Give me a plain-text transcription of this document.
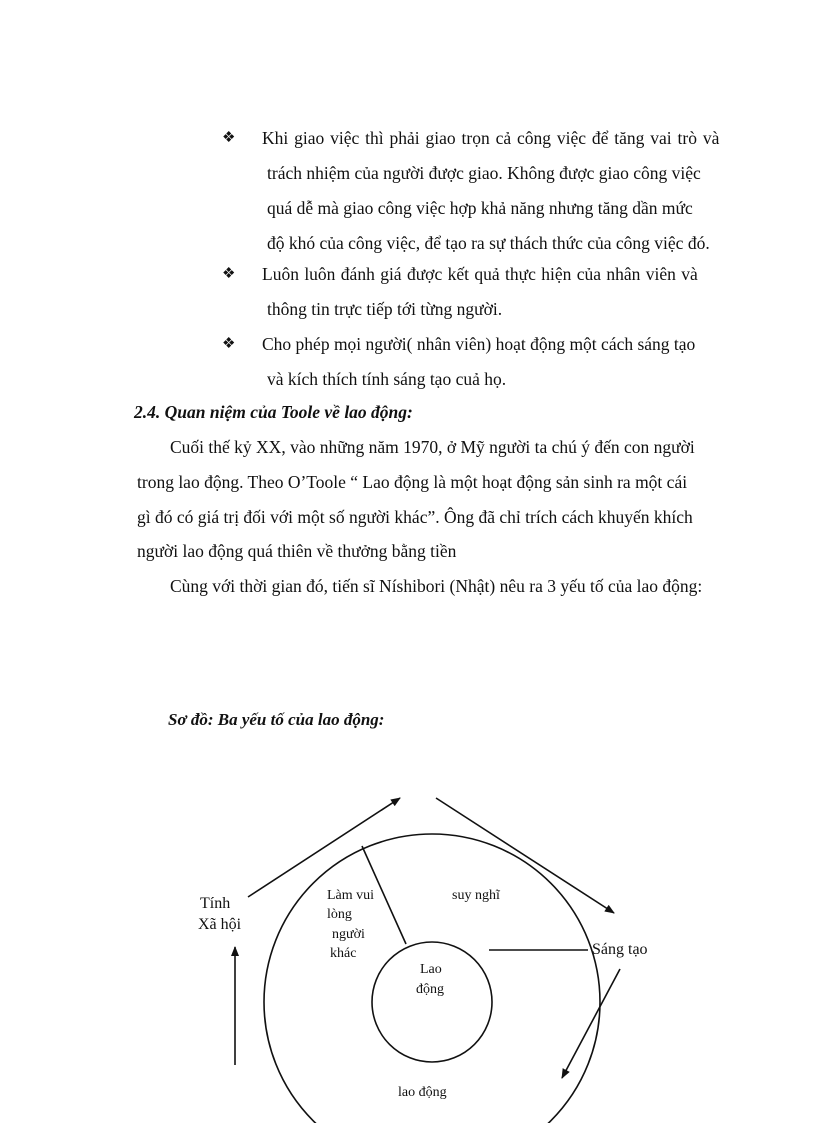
❖ Khi giao việc thì phải giao trọn cả công việc để tăng vai trò và
trách nhiệm của người được giao. Không được giao công việc
quá dễ mà giao công việc hợp khả năng nhưng tăng dần mức
độ khó của công việc, để tạo ra sự thách thức của công việc đó.
❖ Luôn luôn đánh giá được kết quả thực hiện của nhân viên và
thông tin trực tiếp tới từng người.
❖ Cho phép mọi người( nhân viên) hoạt động một cách sáng tạo
và kích thích tính sáng tạo cuả họ.
2.4. Quan niệm của Toole về lao động:
Cuối thế kỷ XX, vào những năm 1970, ở Mỹ người ta chú ý đến con người
trong lao động. Theo O’Toole “ Lao động là một hoạt động sản sinh ra một cái
gì đó có giá trị đối với một số người khác”. Ông đã chỉ trích cách khuyến khích
người lao động quá thiên về thưởng bằng tiền
Cùng với thời gian đó, tiến sĩ Níshibori (Nhật) nêu ra 3 yếu tố của lao động:
Sơ đồ: Ba yếu tố của lao động:
Tính
Xã hội
Sáng tạo
Làm vui
lòng
người
khác
suy nghĩ
lao động
Lao
động
